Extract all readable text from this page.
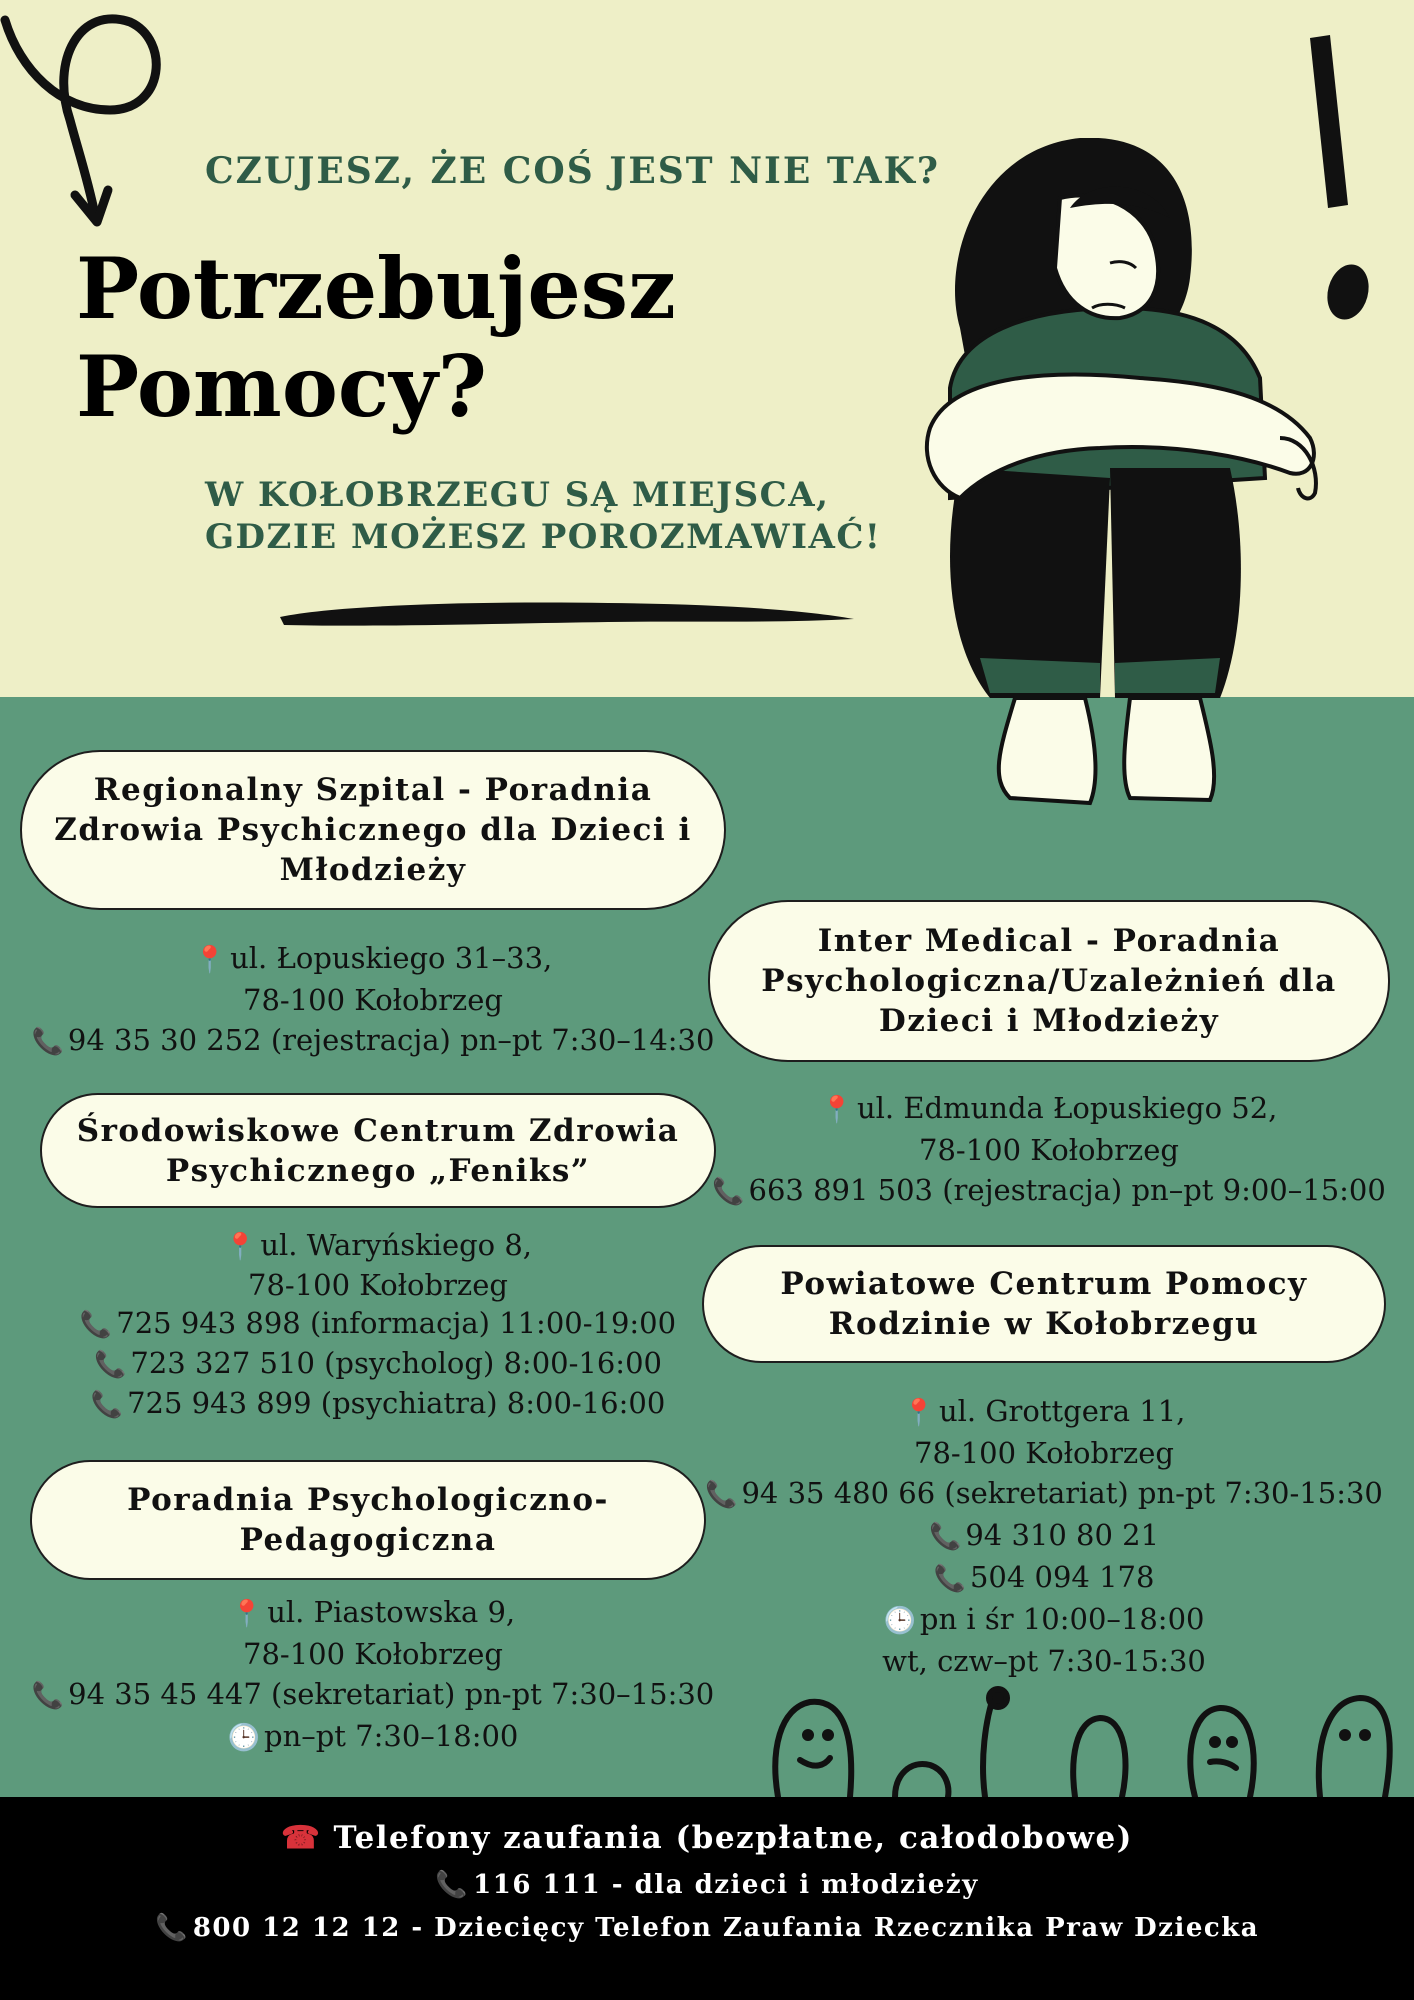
CZUJESZ, ŻE COŚ JEST NIE TAK?
Potrzebujesz
Pomocy?
W KOŁOBRZEGU SĄ MIEJSCA,
GDZIE MOŻESZ POROZMAWIAĆ!
Regionalny Szpital - Poradnia Zdrowia Psychicznego dla Dzieci i Młodzieży
📍 ul. Łopuskiego 31–33,
78-100 Kołobrzeg
📞 94 35 30 252 (rejestracja) pn–pt 7:30–14:30
Środowiskowe Centrum Zdrowia Psychicznego „Feniks”
📍 ul. Waryńskiego 8,
78-100 Kołobrzeg
📞 725 943 898 (informacja) 11:00-19:00
📞 723 327 510 (psycholog) 8:00-16:00
📞 725 943 899 (psychiatra) 8:00-16:00
Poradnia Psychologiczno-Pedagogiczna
📍 ul. Piastowska 9,
78-100 Kołobrzeg
📞 94 35 45 447 (sekretariat) pn-pt 7:30–15:30
🕒 pn–pt 7:30–18:00
Inter Medical - Poradnia Psychologiczna/Uzależnień dla Dzieci i Młodzieży
📍 ul. Edmunda Łopuskiego 52,
78-100 Kołobrzeg
📞 663 891 503 (rejestracja) pn–pt 9:00–15:00
Powiatowe Centrum Pomocy Rodzinie w Kołobrzegu
📍 ul. Grottgera 11,
78-100 Kołobrzeg
📞 94 35 480 66 (sekretariat) pn-pt 7:30-15:30
📞 94 310 80 21
📞 504 094 178
🕒 pn i śr 10:00–18:00
wt, czw–pt 7:30-15:30
☎ Telefony zaufania (bezpłatne, całodobowe)
📞 116 111 - dla dzieci i młodzieży
📞 800 12 12 12 - Dziecięcy Telefon Zaufania Rzecznika Praw Dziecka
